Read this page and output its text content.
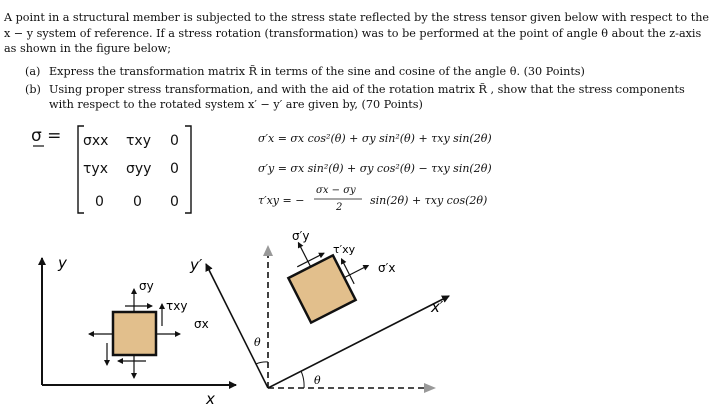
A point in a structural member is subjected to the stress state reflected by the stress tensor given below with respect to the
x − y system of reference. If a stress rotation (transformation) was to be performed at the point of angle θ about the z-axis
as shown in the figure below;
(a) Express the transformation matrix R̃ in terms of the sine and cosine of the angle θ. (30 Points)
(b) Using proper stress transformation, and with the aid of the rotation matrix R̃ , show that the stress components
with respect to the rotated system x′ − y′ are given by, (70 Points)
σ = σxx τxy 0
τyx σyy 0
0 0 0
σ′x = σx cos²(θ) + σy sin²(θ) + τxy sin(2θ)
σ′y = σx sin²(θ) + σy cos²(θ) − τxy sin(2θ)
τ′xy = −
σx − σy
2
sin(2θ) + τxy cos(2θ)
y
x
σy
τxy
σx
y′
x′
σ′y
τ′xy
σ′x
θ
θ
